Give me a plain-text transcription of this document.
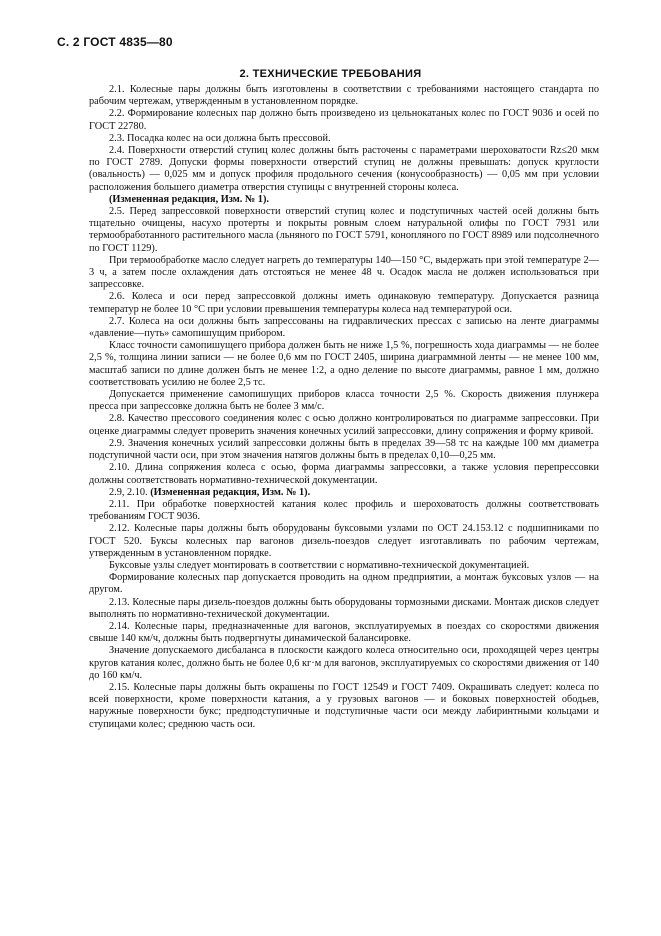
С. 2 ГОСТ 4835—80
2. ТЕХНИЧЕСКИЕ ТРЕБОВАНИЯ

2.1. Колесные пары должны быть изготовлены в соответствии с требованиями настоящего стандарта по рабочим чертежам, утвержденным в установленном порядке.

2.2. Формирование колесных пар должно быть произведено из цельнокатаных колес по ГОСТ 9036 и осей по ГОСТ 22780.

2.3. Посадка колес на оси должна быть прессовой.

2.4. Поверхности отверстий ступиц колес должны быть расточены с параметрами шероховатости Rz≤20 мкм по ГОСТ 2789. Допуски формы поверхности отверстий ступиц не должны превышать: допуск круглости (овальность) — 0,025 мм и допуск профиля продольного сечения (конусообразность) — 0,05 мм при условии расположения большего диаметра отверстия ступицы с внутренней стороны колеса.

(Измененная редакция, Изм. № 1).

2.5. Перед запрессовкой поверхности отверстий ступиц колес и подступичных частей осей должны быть тщательно очищены, насухо протерты и покрыты ровным слоем натуральной олифы по ГОСТ 7931 или термообработанного растительного масла (льняного по ГОСТ 5791, конопляного по ГОСТ 8989 или подсолнечного по ГОСТ 1129).

При термообработке масло следует нагреть до температуры 140—150 °С, выдержать при этой температуре 2—3 ч, а затем после охлаждения дать отстояться не менее 48 ч. Осадок масла не должен использоваться при запрессовке.

2.6. Колеса и оси перед запрессовкой должны иметь одинаковую температуру. Допускается разница температур не более 10 °С при условии превышения температуры колеса над температурой оси.

2.7. Колеса на оси должны быть запрессованы на гидравлических прессах с записью на ленте диаграммы «давление—путь» самопишущим прибором.

Класс точности самопишущего прибора должен быть не ниже 1,5 %, погрешность хода диаграммы — не более 2,5 %, толщина линии записи — не более 0,6 мм по ГОСТ 2405, ширина диаграммной ленты — не менее 100 мм, масштаб записи по длине должен быть не менее 1:2, а одно деление по высоте диаграммы, равное 1 мм, должно соответствовать усилию не более 2,5 тс.

Допускается применение самопишущих приборов класса точности 2,5 %. Скорость движения плунжера пресса при запрессовке должна быть не более 3 мм/с.

2.8. Качество прессового соединения колес с осью должно контролироваться по диаграмме запрессовки. При оценке диаграммы следует проверить значения конечных усилий запрессовки, длину сопряжения и форму кривой.

2.9. Значения конечных усилий запрессовки должны быть в пределах 39—58 тс на каждые 100 мм диаметра подступичной части оси, при этом значения натягов должны быть в пределах 0,10—0,25 мм.

2.10. Длина сопряжения колеса с осью, форма диаграммы запрессовки, а также условия перепрессовки должны соответствовать нормативно-технической документации.

2.9, 2.10. (Измененная редакция, Изм. № 1).

2.11. При обработке поверхностей катания колес профиль и шероховатость должны соответствовать требованиям ГОСТ 9036.

2.12. Колесные пары должны быть оборудованы буксовыми узлами по ОСТ 24.153.12 с подшипниками по ГОСТ 520. Буксы колесных пар вагонов дизель-поездов следует изготавливать по рабочим чертежам, утвержденным в установленном порядке.

Буксовые узлы следует монтировать в соответствии с нормативно-технической документацией.

Формирование колесных пар допускается проводить на одном предприятии, а монтаж буксовых узлов — на другом.

2.13. Колесные пары дизель-поездов должны быть оборудованы тормозными дисками. Монтаж дисков следует выполнять по нормативно-технической документации.

2.14. Колесные пары, предназначенные для вагонов, эксплуатируемых в поездах со скоростями движения свыше 140 км/ч, должны быть подвергнуты динамической балансировке.

Значение допускаемого дисбаланса в плоскости каждого колеса относительно оси, проходящей через центры кругов катания колес, должно быть не более 0,6 кг·м для вагонов, эксплуатируемых со скоростями движения от 140 до 160 км/ч.

2.15. Колесные пары должны быть окрашены по ГОСТ 12549 и ГОСТ 7409. Окрашивать следует: колеса по всей поверхности, кроме поверхности катания, а у грузовых вагонов — и боковых поверхностей ободьев, наружные поверхности букс; предподступичные и подступичные части оси между лабиринтными кольцами и ступицами колес; среднюю часть оси.
